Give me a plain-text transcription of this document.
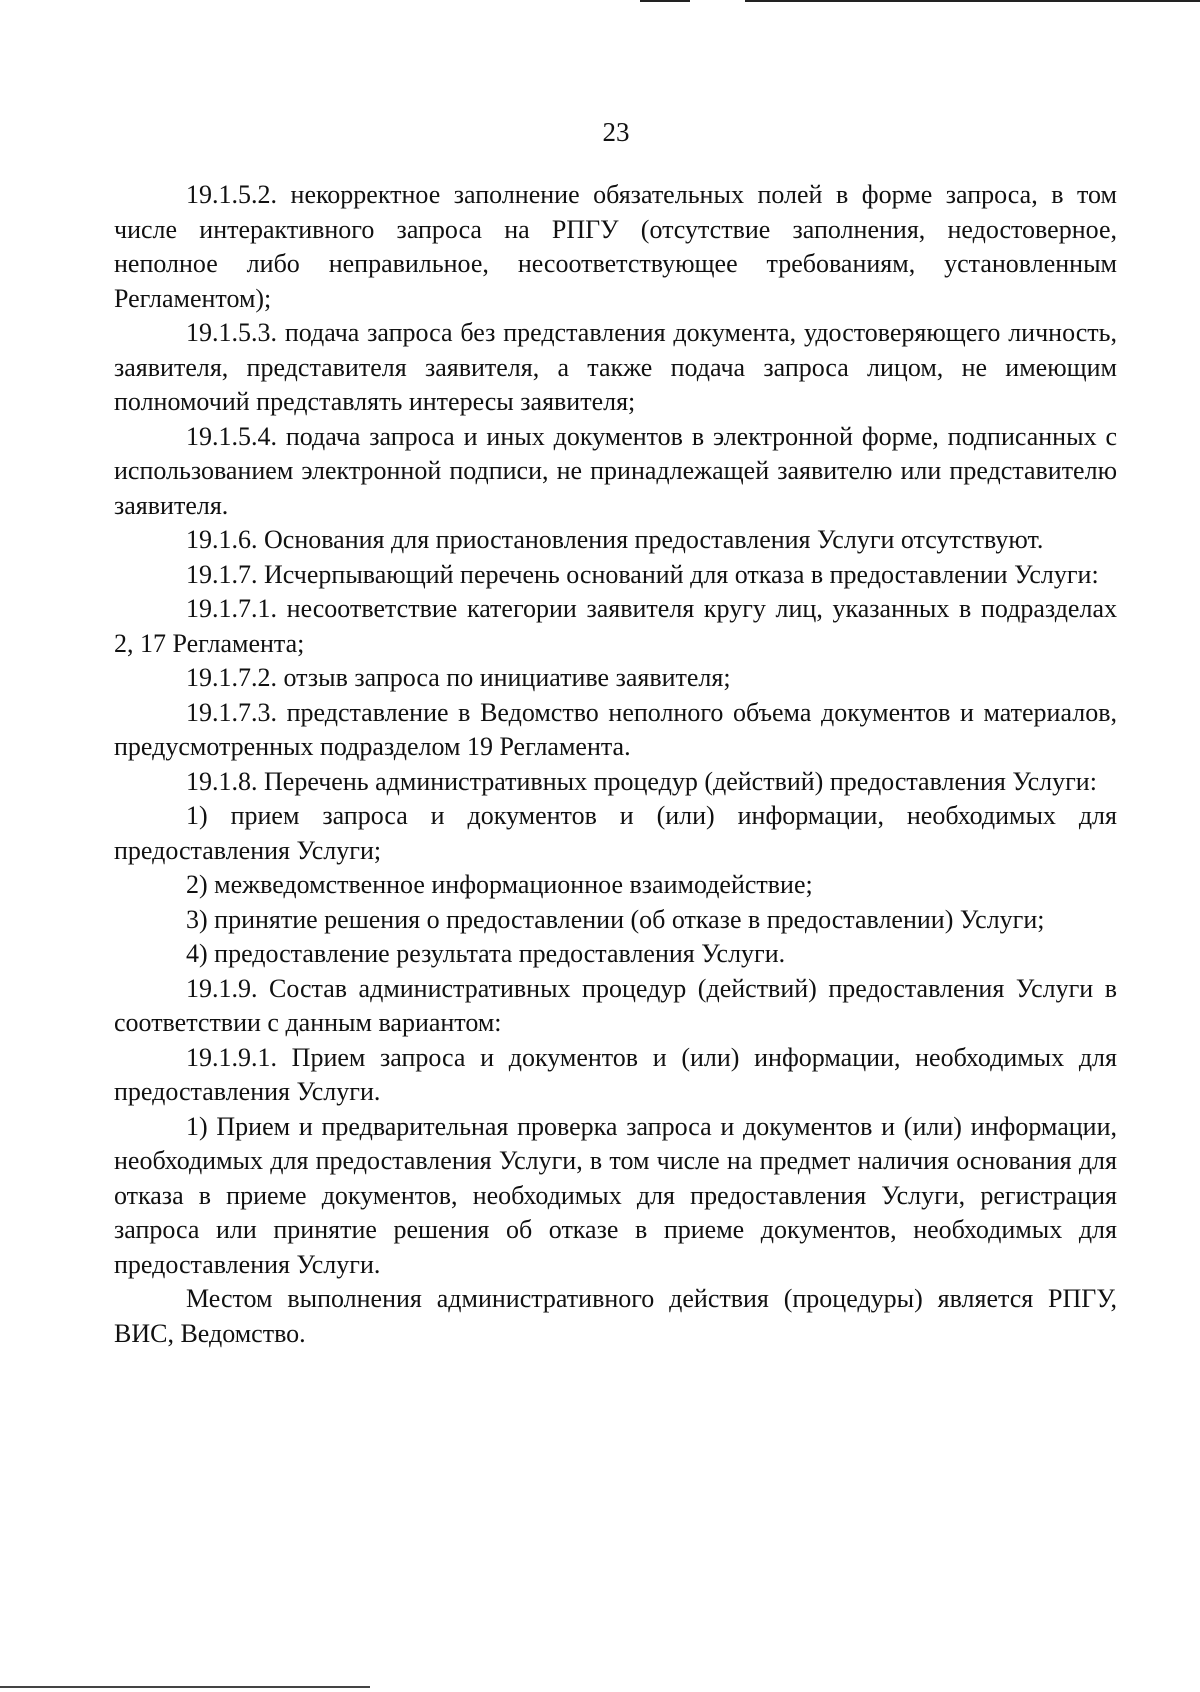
23

19.1.5.2. некорректное заполнение обязательных полей в форме запроса, в том числе интерактивного запроса на РПГУ (отсутствие заполнения, недостоверное, неполное либо неправильное, несоответствующее требованиям, установленным Регламентом);

19.1.5.3. подача запроса без представления документа, удостоверяющего личность, заявителя, представителя заявителя, а также подача запроса лицом, не имеющим полномочий представлять интересы заявителя;

19.1.5.4. подача запроса и иных документов в электронной форме, подписанных с использованием электронной подписи, не принадлежащей заявителю или представителю заявителя.

19.1.6. Основания для приостановления предоставления Услуги отсутствуют.

19.1.7. Исчерпывающий перечень оснований для отказа в предоставлении Услуги:

19.1.7.1. несоответствие категории заявителя кругу лиц, указанных в подразделах 2, 17 Регламента;

19.1.7.2. отзыв запроса по инициативе заявителя;

19.1.7.3. представление в Ведомство неполного объема документов и материалов, предусмотренных подразделом 19 Регламента.

19.1.8. Перечень административных процедур (действий) предоставления Услуги:

1) прием запроса и документов и (или) информации, необходимых для предоставления Услуги;

2) межведомственное информационное взаимодействие;

3) принятие решения о предоставлении (об отказе в предоставлении) Услуги;

4) предоставление результата предоставления Услуги.

19.1.9. Состав административных процедур (действий) предоставления Услуги в соответствии с данным вариантом:

19.1.9.1. Прием запроса и документов и (или) информации, необходимых для предоставления Услуги.

1) Прием и предварительная проверка запроса и документов и (или) информации, необходимых для предоставления Услуги, в том числе на предмет наличия основания для отказа в приеме документов, необходимых для предоставления Услуги, регистрация запроса или принятие решения об отказе в приеме документов, необходимых для предоставления Услуги.

Местом выполнения административного действия (процедуры) является РПГУ, ВИС, Ведомство.
